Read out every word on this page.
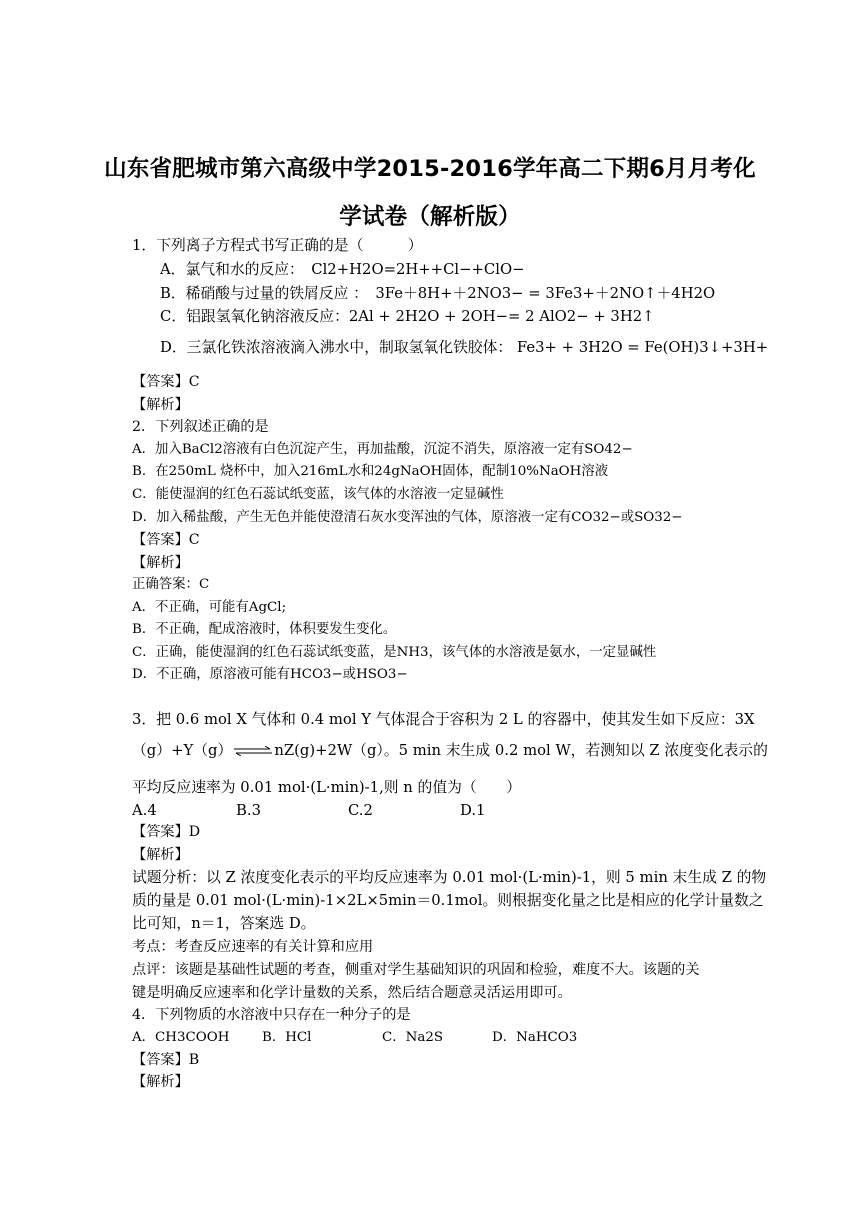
山东省肥城市第六高级中学2015-2016学年高二下期6月月考化
学试卷（解析版）
1．下列离子方程式书写正确的是（　　　）
A．氯气和水的反应：　Cl2+H2O=2H++Cl−+ClO−
B．稀硝酸与过量的铁屑反应 ：　3Fe＋8H+＋2NO3− = 3Fe3+＋2NO↑＋4H2O
C．铝跟氢氧化钠溶液反应：2Al + 2H2O + 2OH−= 2 AlO2− + 3H2↑
D．三氯化铁浓溶液滴入沸水中，制取氢氧化铁胶体： Fe3+ + 3H2O = Fe(OH)3↓+3H+
【答案】C
【解析】
2．下列叙述正确的是
A．加入BaCl2溶液有白色沉淀产生，再加盐酸，沉淀不消失，原溶液一定有SO42−
B．在250mL 烧杯中，加入216mL水和24gNaOH固体，配制10%NaOH溶液
C．能使湿润的红色石蕊试纸变蓝，该气体的水溶液一定显碱性
D．加入稀盐酸，产生无色并能使澄清石灰水变浑浊的气体，原溶液一定有CO32−或SO32−
【答案】C
【解析】
正确答案：C
A．不正确，可能有AgCl;
B．不正确，配成溶液时，体积要发生变化。
C．正确，能使湿润的红色石蕊试纸变蓝，是NH3，该气体的水溶液是氨水，一定显碱性
D．不正确，原溶液可能有HCO3−或HSO3−
3．把 0.6 mol X 气体和 0.4 mol Y 气体混合于容积为 2 L 的容器中，使其发生如下反应：3X
（g）+Y（g）⇌nZ(g)+2W（g）。5 min 末生成 0.2 mol W，若测知以 Z 浓度变化表示的
平均反应速率为 0.01 mol·(L·min)-1,则 n 的值为（　　）
A.4	B.3	C.2	D.1
【答案】D
【解析】
试题分析：以 Z 浓度变化表示的平均反应速率为 0.01 mol·(L·min)-1，则 5 min 末生成 Z 的物
质的量是 0.01 mol·(L·min)-1×2L×5min＝0.1mol。则根据变化量之比是相应的化学计量数之
比可知，n＝1，答案选 D。
考点：考查反应速率的有关计算和应用
点评：该题是基础性试题的考查，侧重对学生基础知识的巩固和检验，难度不大。该题的关
键是明确反应速率和化学计量数的关系，然后结合题意灵活运用即可。
4．下列物质的水溶液中只存在一种分子的是
A．CH3COOH B．HCl	C．Na2S	D．NaHCO3
【答案】B
【解析】
